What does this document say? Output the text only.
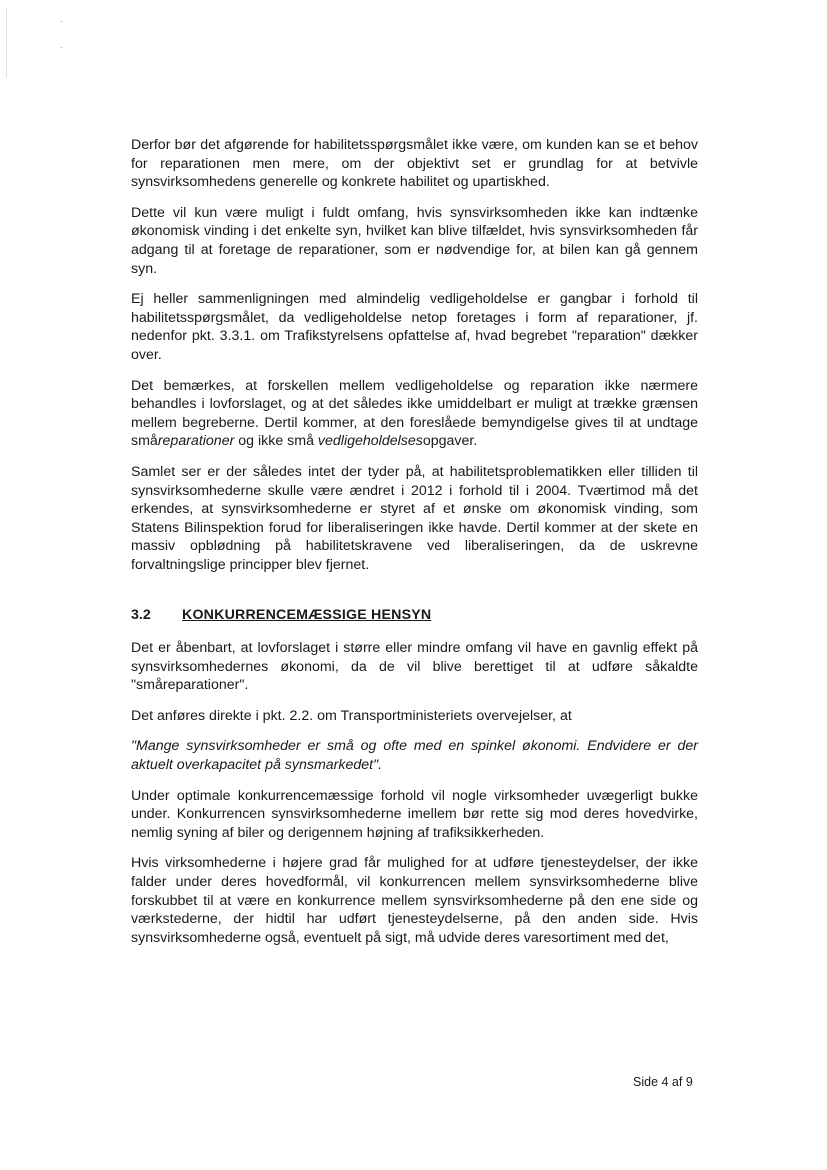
-
-

Derfor bør det afgørende for habilitetsspørgsmålet ikke være, om kunden kan se et behov for reparationen men mere, om der objektivt set er grundlag for at betvivle synsvirksomhedens generelle og konkrete habilitet og upartiskhed.

Dette vil kun være muligt i fuldt omfang, hvis synsvirksomheden ikke kan indtænke økonomisk vinding i det enkelte syn, hvilket kan blive tilfældet, hvis synsvirksomheden får adgang til at foretage de reparationer, som er nødvendige for, at bilen kan gå gennem syn.

Ej heller sammenligningen med almindelig vedligeholdelse er gangbar i forhold til habilitetsspørgsmålet, da vedligeholdelse netop foretages i form af reparationer, jf. nedenfor pkt. 3.3.1. om Trafikstyrelsens opfattelse af, hvad begrebet "reparation" dækker over.

Det bemærkes, at forskellen mellem vedligeholdelse og reparation ikke nærmere behandles i lovforslaget, og at det således ikke umiddelbart er muligt at trække grænsen mellem begreberne. Dertil kommer, at den foreslåede bemyndigelse gives til at undtage småreparationer og ikke små vedligeholdelsesopgaver.

Samlet ser er der således intet der tyder på, at habilitetsproblematikken eller tilliden til synsvirksomhederne skulle være ændret i 2012 i forhold til i 2004. Tværtimod må det erkendes, at synsvirksomhederne er styret af et ønske om økonomisk vinding, som Statens Bilinspektion forud for liberaliseringen ikke havde. Dertil kommer at der skete en massiv opblødning på habilitetskravene ved liberaliseringen, da de uskrevne forvaltningslige principper blev fjernet.

3.2	KONKURRENCEMÆSSIGE HENSYN

Det er åbenbart, at lovforslaget i større eller mindre omfang vil have en gavnlig effekt på synsvirksomhedernes økonomi, da de vil blive berettiget til at udføre såkaldte "småreparationer".

Det anføres direkte i pkt. 2.2. om Transportministeriets overvejelser, at

"Mange synsvirksomheder er små og ofte med en spinkel økonomi. Endvidere er der aktuelt overkapacitet på synsmarkedet".

Under optimale konkurrencemæssige forhold vil nogle virksomheder uvægerligt bukke under. Konkurrencen synsvirksomhederne imellem bør rette sig mod deres hovedvirke, nemlig syning af biler og derigennem højning af trafiksikkerheden.

Hvis virksomhederne i højere grad får mulighed for at udføre tjenesteydelser, der ikke falder under deres hovedformål, vil konkurrencen mellem synsvirksomhederne blive forskubbet til at være en konkurrence mellem synsvirksomhederne på den ene side og værkstederne, der hidtil har udført tjenesteydelserne, på den anden side. Hvis synsvirksomhederne også, eventuelt på sigt, må udvide deres varesortiment med det,

Side 4 af 9
